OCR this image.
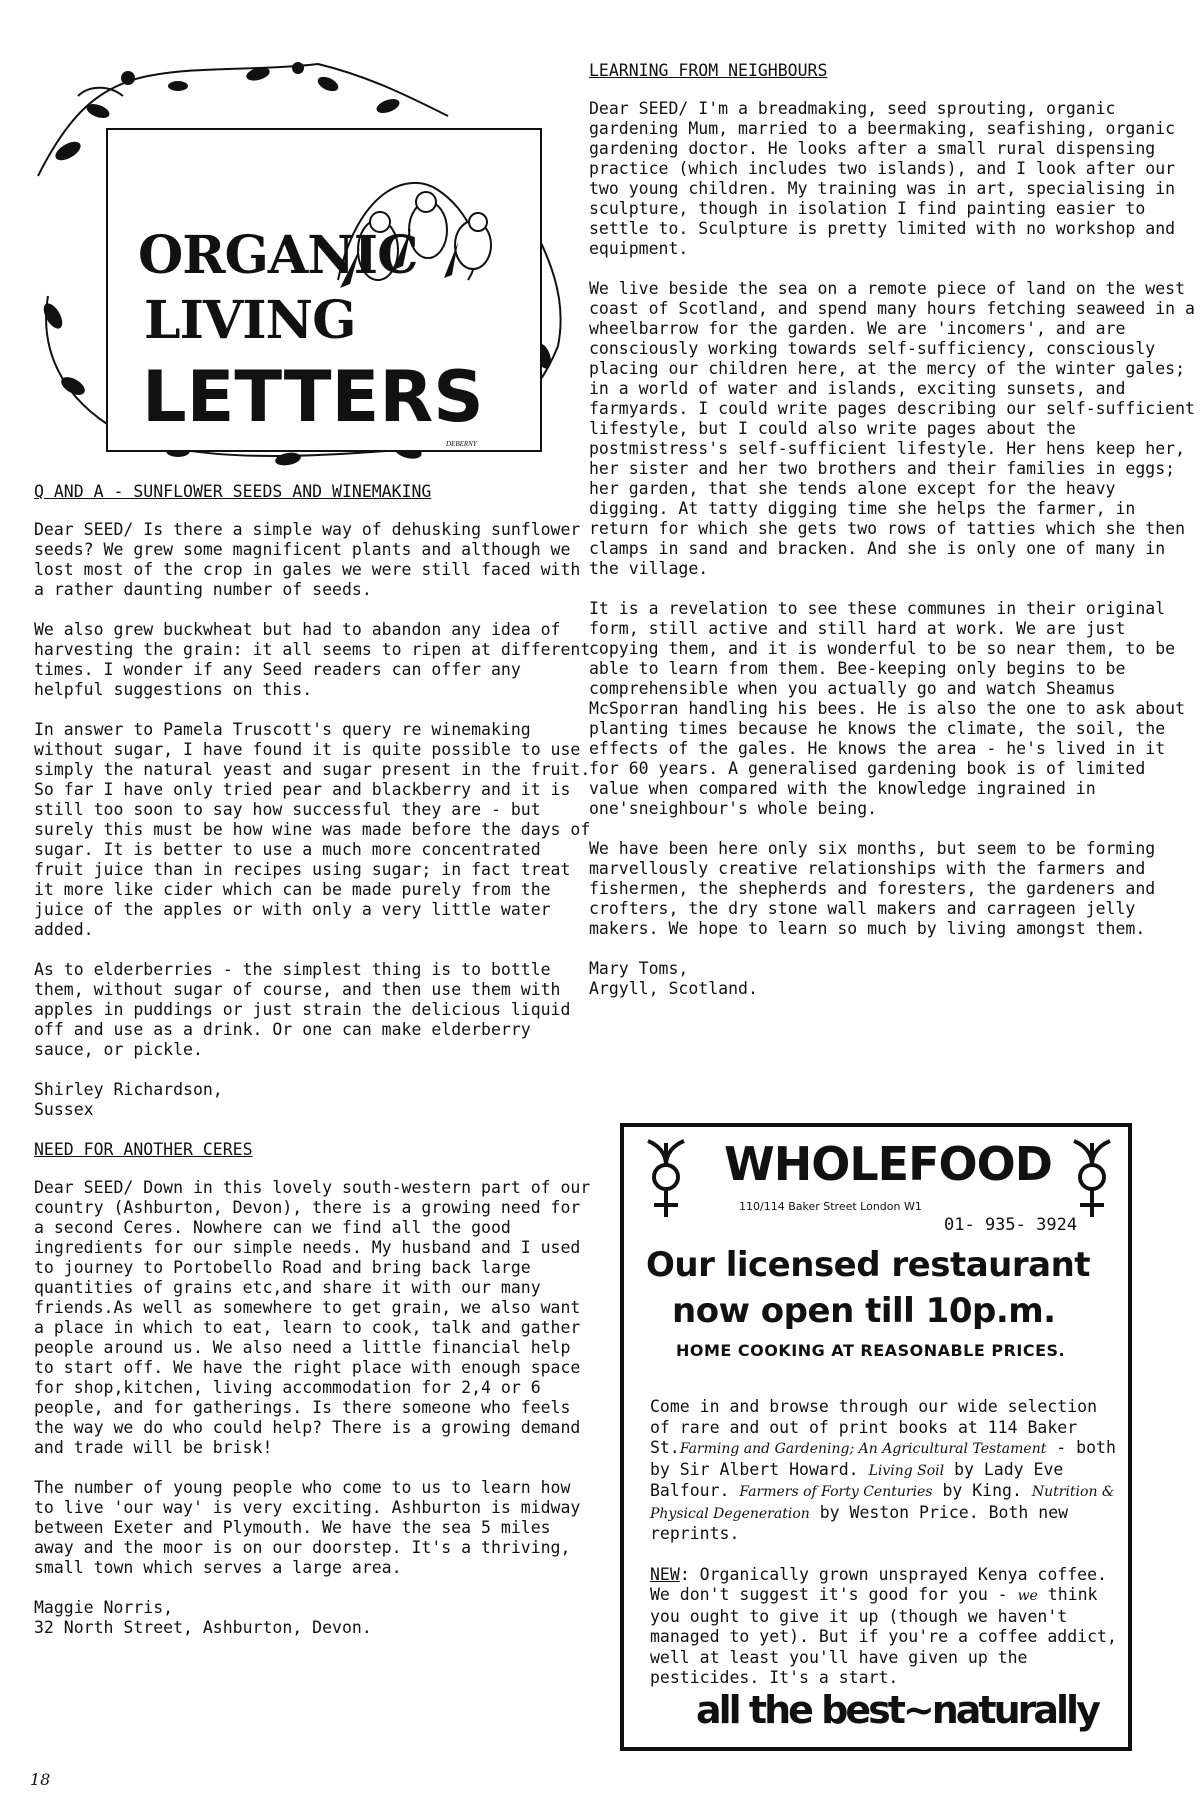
ORGANIC
LIVING
LETTERS
DEBERNY
Q AND A - SUNFLOWER SEEDS AND WINEMAKING

Dear SEED/ Is there a simple way of dehusking sunflower seeds? We grew some magnificent plants and although we lost most of the crop in gales we were still faced with a rather daunting number of seeds.

We also grew buckwheat but had to abandon any idea of harvesting the grain: it all seems to ripen at different times. I wonder if any Seed readers can offer any helpful suggestions on this.

In answer to Pamela Truscott's query re winemaking without sugar, I have found it is quite possible to use simply the natural yeast and sugar present in the fruit. So far I have only tried pear and blackberry and it is still too soon to say how successful they are - but surely this must be how wine was made before the days of sugar. It is better to use a much more concentrated fruit juice than in recipes using sugar; in fact treat it more like cider which can be made purely from the juice of the apples or with only a very little water added.

As to elderberries - the simplest thing is to bottle them, without sugar of course, and then use them with apples in puddings or just strain the delicious liquid off and use as a drink. Or one can make elderberry sauce, or pickle.

Shirley Richardson,
Sussex
NEED FOR ANOTHER CERES

Dear SEED/ Down in this lovely south-western part of our country (Ashburton, Devon), there is a growing need for a second Ceres. Nowhere can we find all the good ingredients for our simple needs. My husband and I used to journey to Portobello Road and bring back large quantities of grains etc,and share it with our many friends.As well as somewhere to get grain, we also want a place in which to eat, learn to cook, talk and gather people around us. We also need a little financial help to start off. We have the right place with enough space for shop,kitchen, living accommodation for 2,4 or 6 people, and for gatherings. Is there someone who feels the way we do who could help? There is a growing demand and trade will be brisk!

The number of young people who come to us to learn how to live 'our way' is very exciting. Ashburton is midway between Exeter and Plymouth. We have the sea 5 miles away and the moor is on our doorstep. It's a thriving, small town which serves a large area.

Maggie Norris,
32 North Street, Ashburton, Devon.
LEARNING FROM NEIGHBOURS

Dear SEED/ I'm a breadmaking, seed sprouting, organic gardening Mum, married to a beermaking, seafishing, organic gardening doctor. He looks after a small rural dispensing practice (which includes two islands), and I look after our two young children. My training was in art, specialising in sculpture, though in isolation I find painting easier to settle to. Sculpture is pretty limited with no workshop and equipment.

We live beside the sea on a remote piece of land on the west coast of Scotland, and spend many hours fetching seaweed in a wheelbarrow for the garden. We are 'incomers', and are consciously working towards self-sufficiency, consciously placing our children here, at the mercy of the winter gales; in a world of water and islands, exciting sunsets, and farmyards. I could write pages describing our self-sufficient lifestyle, but I could also write pages about the postmistress's self-sufficient lifestyle. Her hens keep her, her sister and her two brothers and their families in eggs; her garden, that she tends alone except for the heavy digging. At tatty digging time she helps the farmer, in return for which she gets two rows of tatties which she then clamps in sand and bracken. And she is only one of many in the village.

It is a revelation to see these communes in their original form, still active and still hard at work. We are just copying them, and it is wonderful to be so near them, to be able to learn from them. Bee-keeping only begins to be comprehensible when you actually go and watch Sheamus McSporran handling his bees. He is also the one to ask about planting times because he knows the climate, the soil, the effects of the gales. He knows the area - he's lived in it for 60 years. A generalised gardening book is of limited value when compared with the knowledge ingrained in one'sneighbour's whole being.

We have been here only six months, but seem to be forming marvellously creative relationships with the farmers and fishermen, the shepherds and foresters, the gardeners and crofters, the dry stone wall makers and carrageen jelly makers. We hope to learn so much by living amongst them.

Mary Toms,
Argyll, Scotland.
WHOLEFOOD
110/114 Baker Street London W1
01- 935- 3924
Our licensed restaurant
now open till 10p.m.
HOME COOKING AT REASONABLE PRICES.
Come in and browse through our wide selection of rare and out of print books at 114 Baker St.Farming and Gardening; An Agricultural Testament - both by Sir Albert Howard. Living Soil by Lady Eve Balfour. Farmers of Forty Centuries by King. Nutrition & Physical Degeneration by Weston Price. Both new reprints.
NEW: Organically grown unsprayed Kenya coffee. We don't suggest it's good for you - we think you ought to give it up (though we haven't managed to yet). But if you're a coffee addict, well at least you'll have given up the pesticides. It's a start.
all the best~naturally
18
